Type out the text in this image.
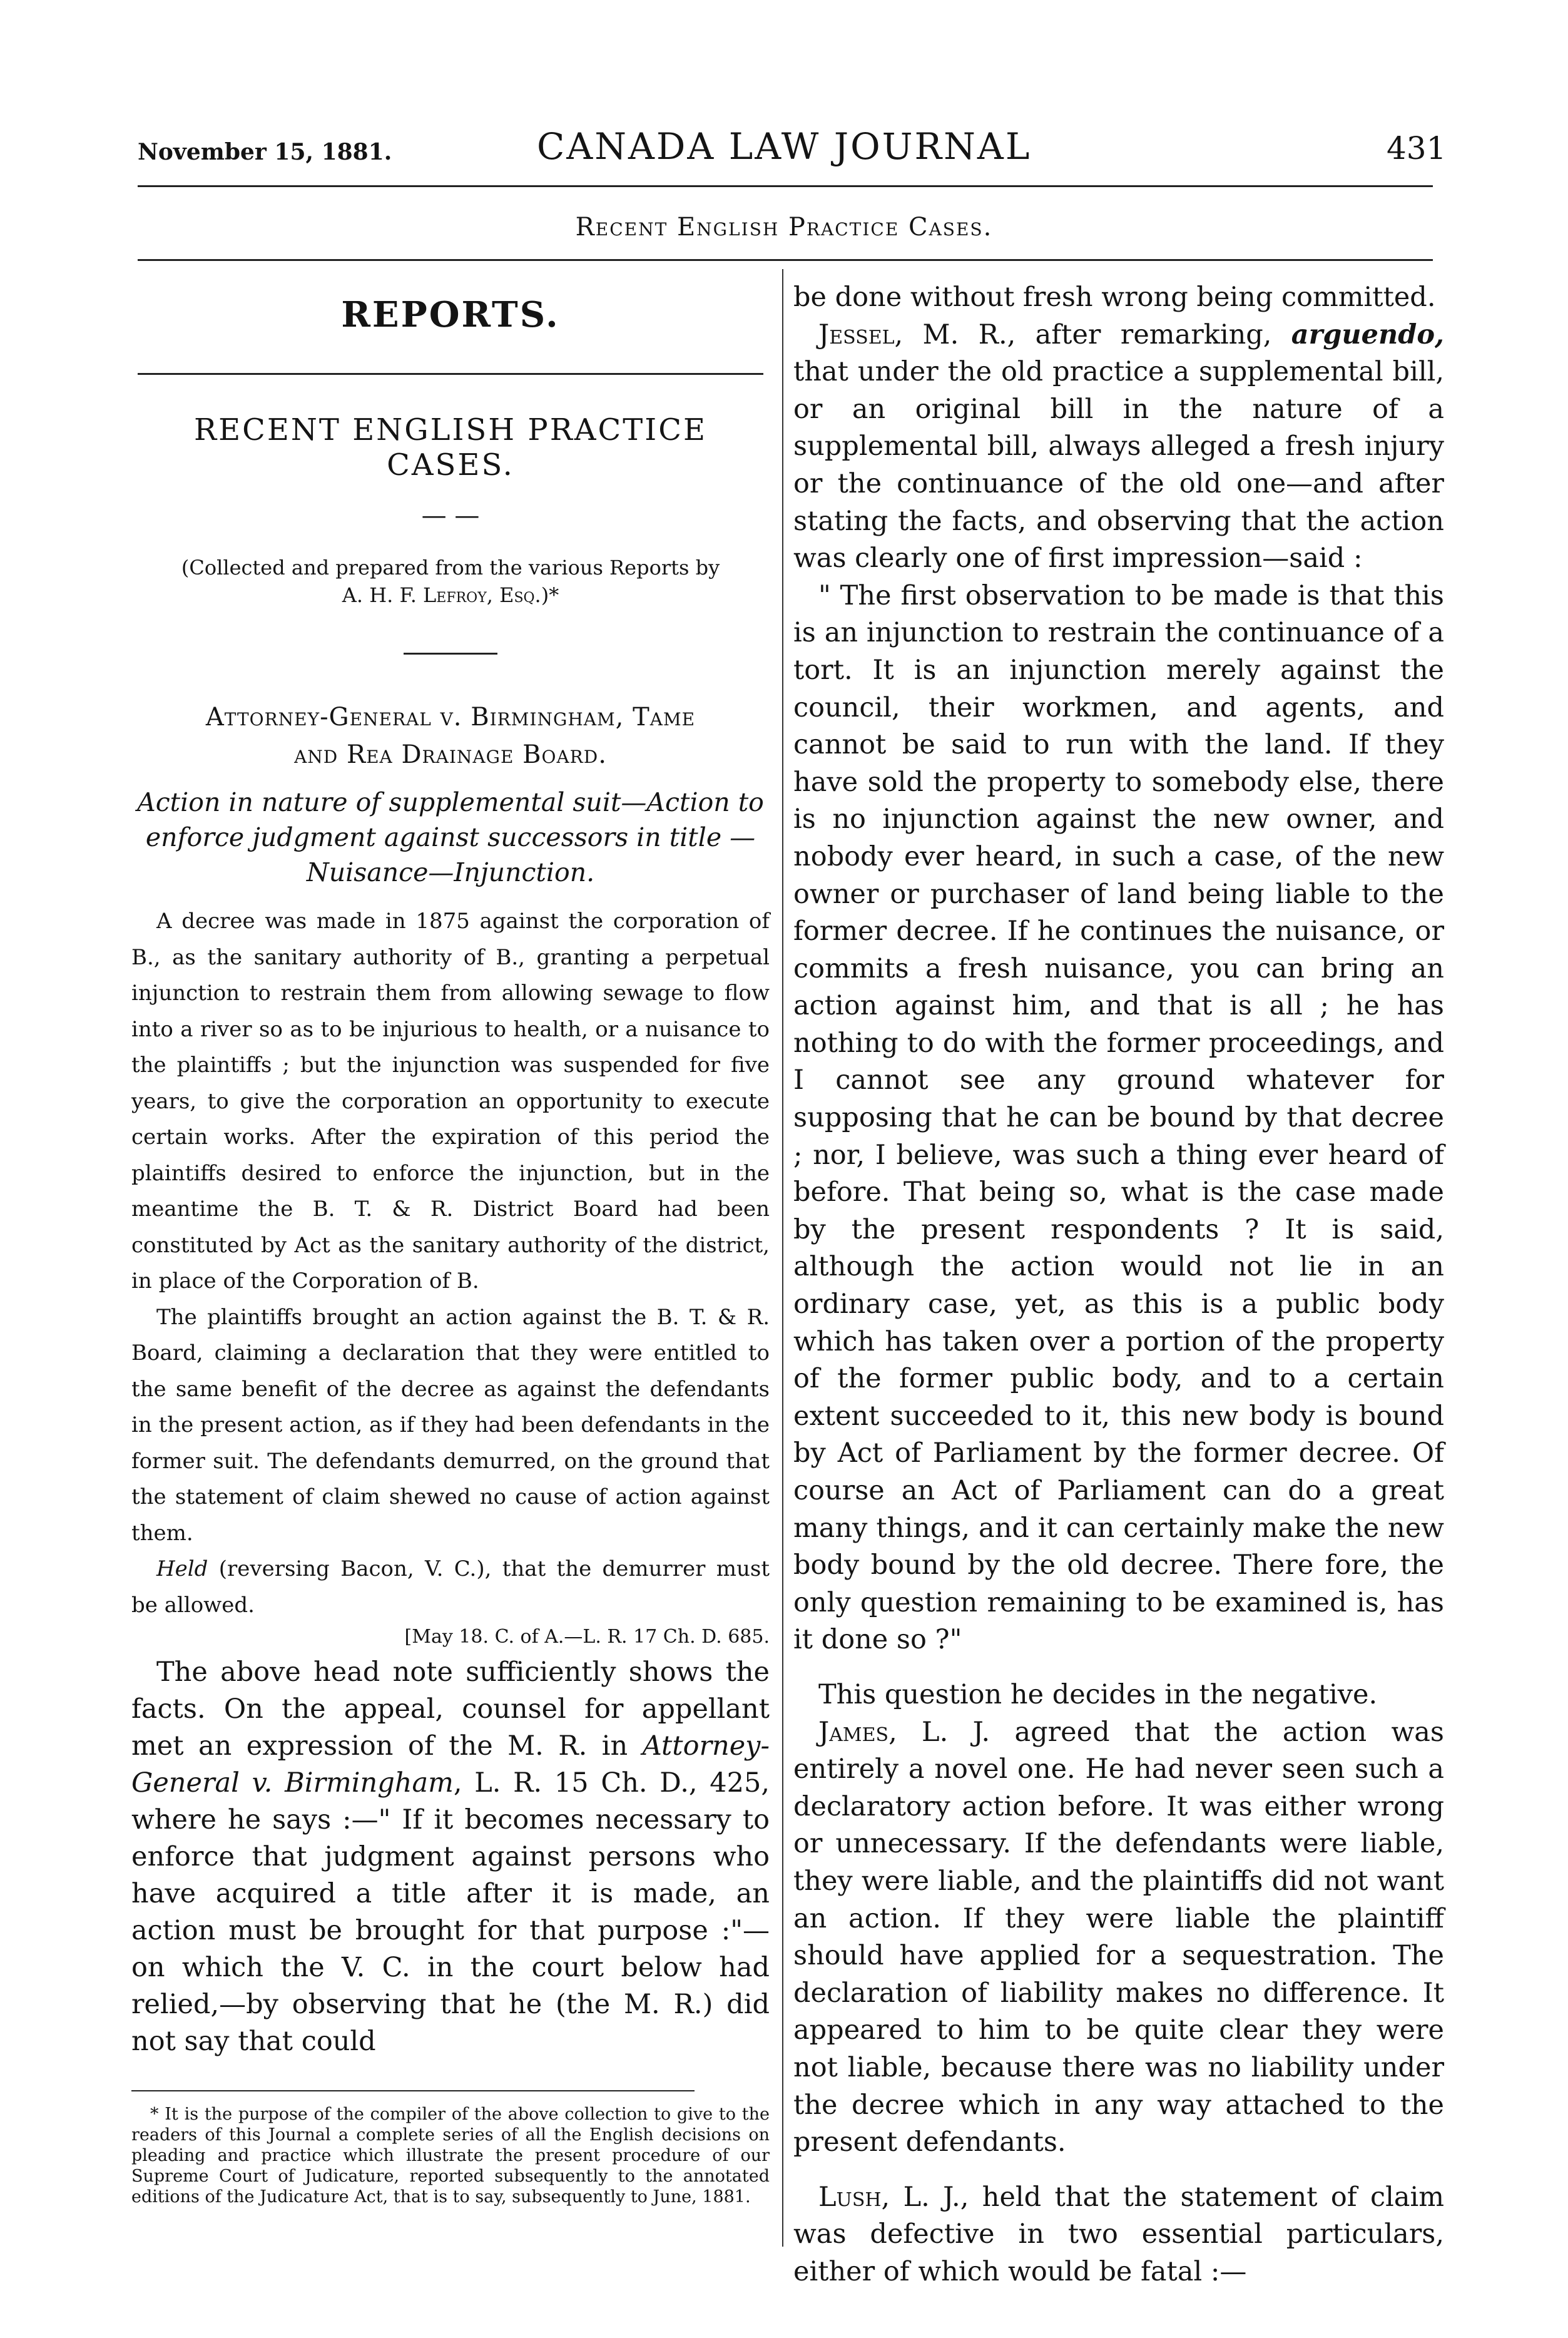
November 15, 1881.	CANADA LAW JOURNAL	431
Recent English Practice Cases.
REPORTS.
RECENT ENGLISH PRACTICE CASES.
— —
(Collected and prepared from the various Reports by
A. H. F. Lefroy, Esq.)*
Attorney-General v. Birmingham, Tame
and Rea Drainage Board.
Action in nature of supplemental suit—Action to enforce judgment against successors in title —Nuisance—Injunction.

A decree was made in 1875 against the corporation of B., as the sanitary authority of B., granting a perpetual injunction to restrain them from allowing sewage to flow into a river so as to be injurious to health, or a nuisance to the plaintiffs ; but the injunction was suspended for five years, to give the corporation an opportunity to execute certain works. After the expiration of this period the plaintiffs desired to enforce the injunction, but in the meantime the B. T. & R. District Board had been constituted by Act as the sanitary authority of the district, in place of the Corporation of B.

The plaintiffs brought an action against the B. T. & R. Board, claiming a declaration that they were entitled to the same benefit of the decree as against the defendants in the present action, as if they had been defendants in the former suit. The defendants demurred, on the ground that the statement of claim shewed no cause of action against them.

Held (reversing Bacon, V. C.), that the demurrer must be allowed.

[May 18. C. of A.—L. R. 17 Ch. D. 685.

The above head note sufficiently shows the facts. On the appeal, counsel for appellant met an expression of the M. R. in Attorney-General v. Birmingham, L. R. 15 Ch. D., 425, where he says :—" If it becomes necessary to enforce that judgment against persons who have acquired a title after it is made, an action must be brought for that purpose :"—on which the V. C. in the court below had relied,—by observing that he (the M. R.) did not say that could

* It is the purpose of the compiler of the above collection to give to the readers of this Journal a complete series of all the English decisions on pleading and practice which illustrate the present procedure of our Supreme Court of Judicature, reported subsequently to the annotated editions of the Judicature Act, that is to say, subsequently to June, 1881.

be done without fresh wrong being committed.

Jessel, M. R., after remarking, arguendo, that under the old practice a supplemental bill, or an original bill in the nature of a supplemental bill, always alleged a fresh injury or the continuance of the old one—and after stating the facts, and observing that the action was clearly one of first impression—said :

" The first observation to be made is that this is an injunction to restrain the continuance of a tort. It is an injunction merely against the council, their workmen, and agents, and cannot be said to run with the land. If they have sold the property to somebody else, there is no injunction against the new owner, and nobody ever heard, in such a case, of the new owner or purchaser of land being liable to the former decree. If he continues the nuisance, or commits a fresh nuisance, you can bring an action against him, and that is all ; he has nothing to do with the former proceedings, and I cannot see any ground whatever for supposing that he can be bound by that decree ; nor, I believe, was such a thing ever heard of before. That being so, what is the case made by the present respondents ? It is said, although the action would not lie in an ordinary case, yet, as this is a public body which has taken over a portion of the property of the former public body, and to a certain extent succeeded to it, this new body is bound by Act of Parliament by the former decree. Of course an Act of Parliament can do a great many things, and it can certainly make the new body bound by the old decree. There fore, the only question remaining to be examined is, has it done so ?"

This question he decides in the negative.

James, L. J. agreed that the action was entirely a novel one. He had never seen such a declaratory action before. It was either wrong or unnecessary. If the defendants were liable, they were liable, and the plaintiffs did not want an action. If they were liable the plaintiff should have applied for a sequestration. The declaration of liability makes no difference. It appeared to him to be quite clear they were not liable, because there was no liability under the decree which in any way attached to the present defendants.

Lush, L. J., held that the statement of claim was defective in two essential particulars, either of which would be fatal :—
